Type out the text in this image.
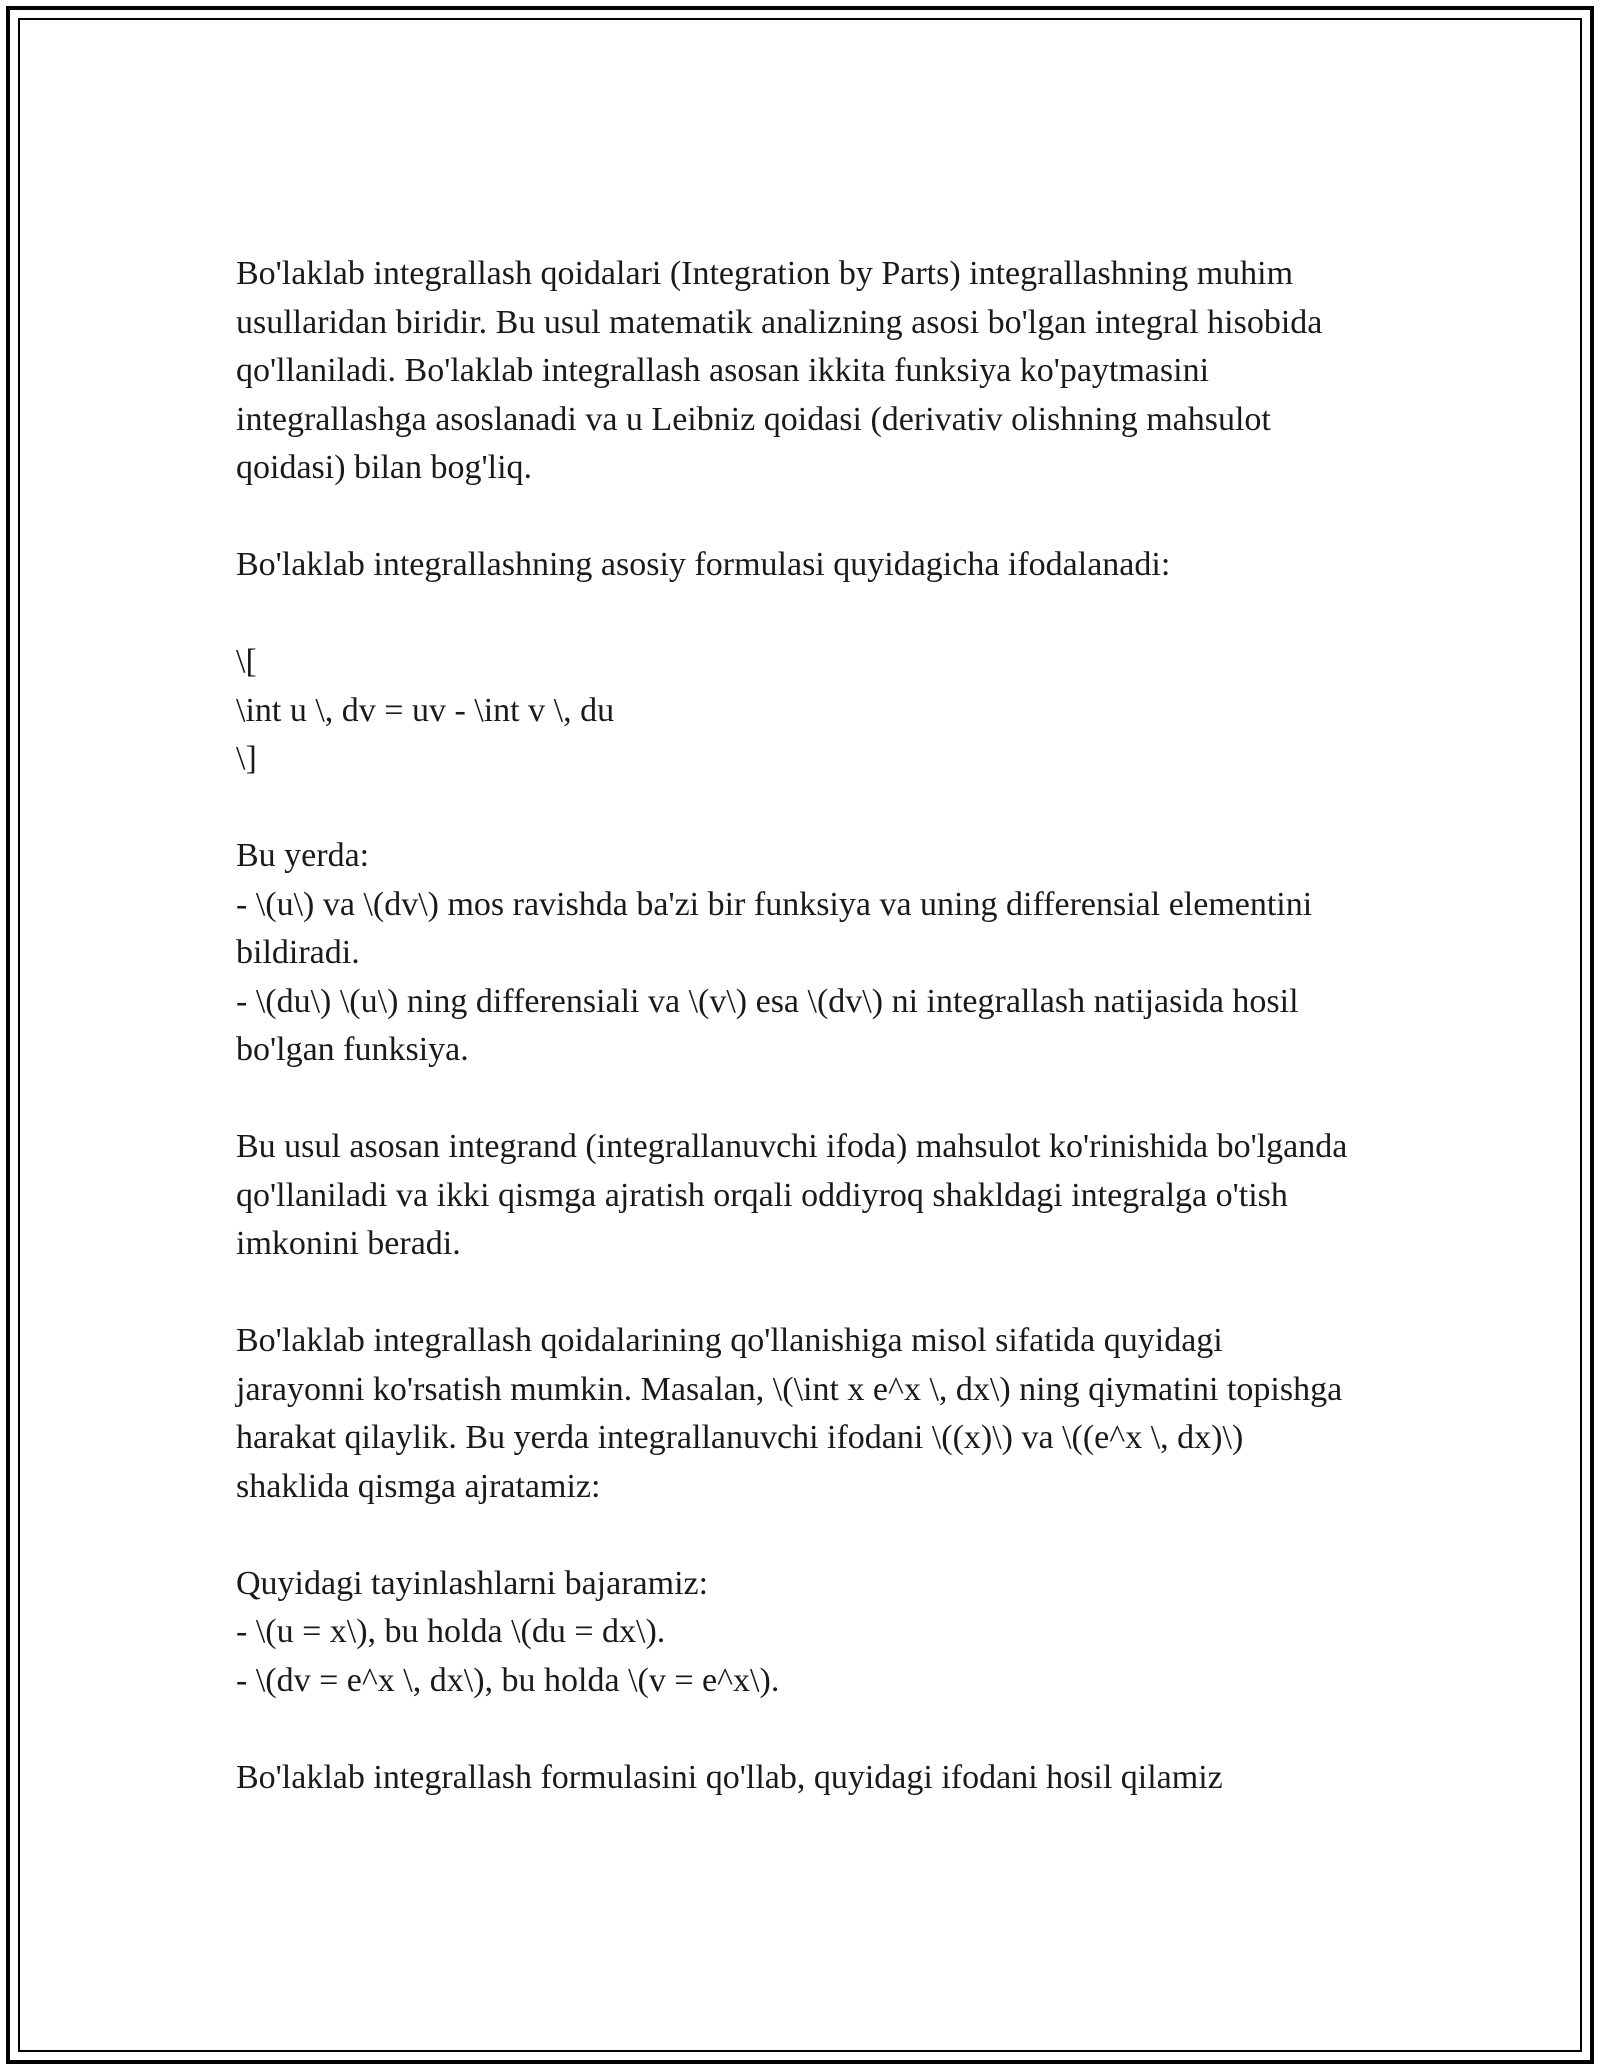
Bo'laklab integrallash qoidalari (Integration by Parts) integrallashning muhim usullaridan biridir. Bu usul matematik analizning asosi bo'lgan integral hisobida qo'llaniladi. Bo'laklab integrallash asosan ikkita funksiya ko'paytmasini integrallashga asoslanadi va u Leibniz qoidasi (derivativ olishning mahsulot qoidasi) bilan bog'liq.

Bo'laklab integrallashning asosiy formulasi quyidagicha ifodalanadi:

\[
\int u \, dv = uv - \int v \, du
\]

Bu yerda:
- \(u\) va \(dv\) mos ravishda ba'zi bir funksiya va uning differensial elementini bildiradi.
- \(du\) \(u\) ning differensiali va \(v\) esa \(dv\) ni integrallash natijasida hosil bo'lgan funksiya.

Bu usul asosan integrand (integrallanuvchi ifoda) mahsulot ko'rinishida bo'lganda qo'llaniladi va ikki qismga ajratish orqali oddiyroq shakldagi integralga o'tish imkonini beradi.

Bo'laklab integrallash qoidalarining qo'llanishiga misol sifatida quyidagi jarayonni ko'rsatish mumkin. Masalan, \(\int x e^x \, dx\) ning qiymatini topishga harakat qilaylik. Bu yerda integrallanuvchi ifodani \((x)\) va \((e^x \, dx)\) shaklida qismga ajratamiz:

Quyidagi tayinlashlarni bajaramiz:
- \(u = x\), bu holda \(du = dx\).
- \(dv = e^x \, dx\), bu holda \(v = e^x\).

Bo'laklab integrallash formulasini qo'llab, quyidagi ifodani hosil qilamiz
